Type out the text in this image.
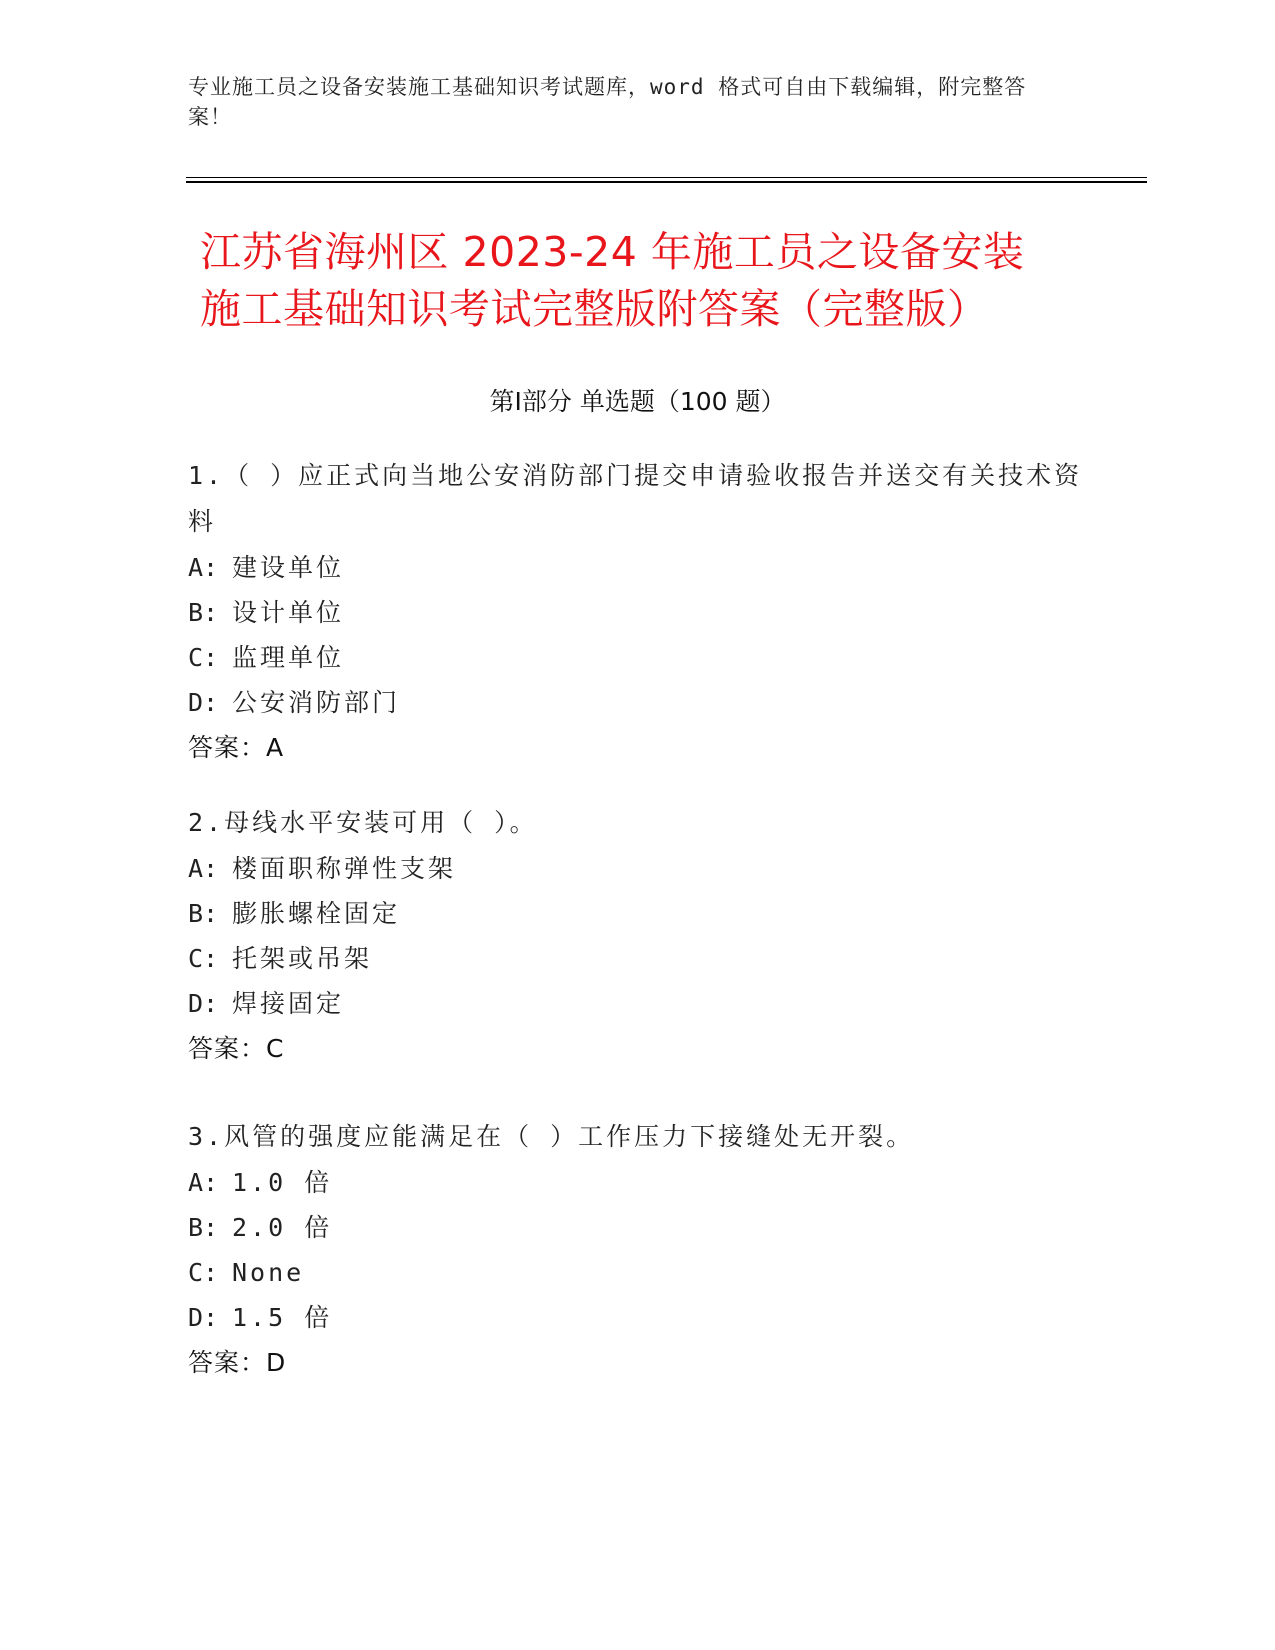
专业施工员之设备安装施工基础知识考试题库，word 格式可自由下载编辑，附完整答案！
江苏省海州区 2023-24 年施工员之设备安装
施工基础知识考试完整版附答案（完整版）
第Ⅰ部分 单选题（100 题）
1.（ ）应正式向当地公安消防部门提交申请验收报告并送交有关技术资料
A: 建设单位
B: 设计单位
C: 监理单位
D: 公安消防部门
答案：A
2.母线水平安装可用（ ）。
A: 楼面职称弹性支架
B: 膨胀螺栓固定
C: 托架或吊架
D: 焊接固定
答案：C
3.风管的强度应能满足在（ ）工作压力下接缝处无开裂。
A: 1.0 倍
B: 2.0 倍
C: None
D: 1.5 倍
答案：D
